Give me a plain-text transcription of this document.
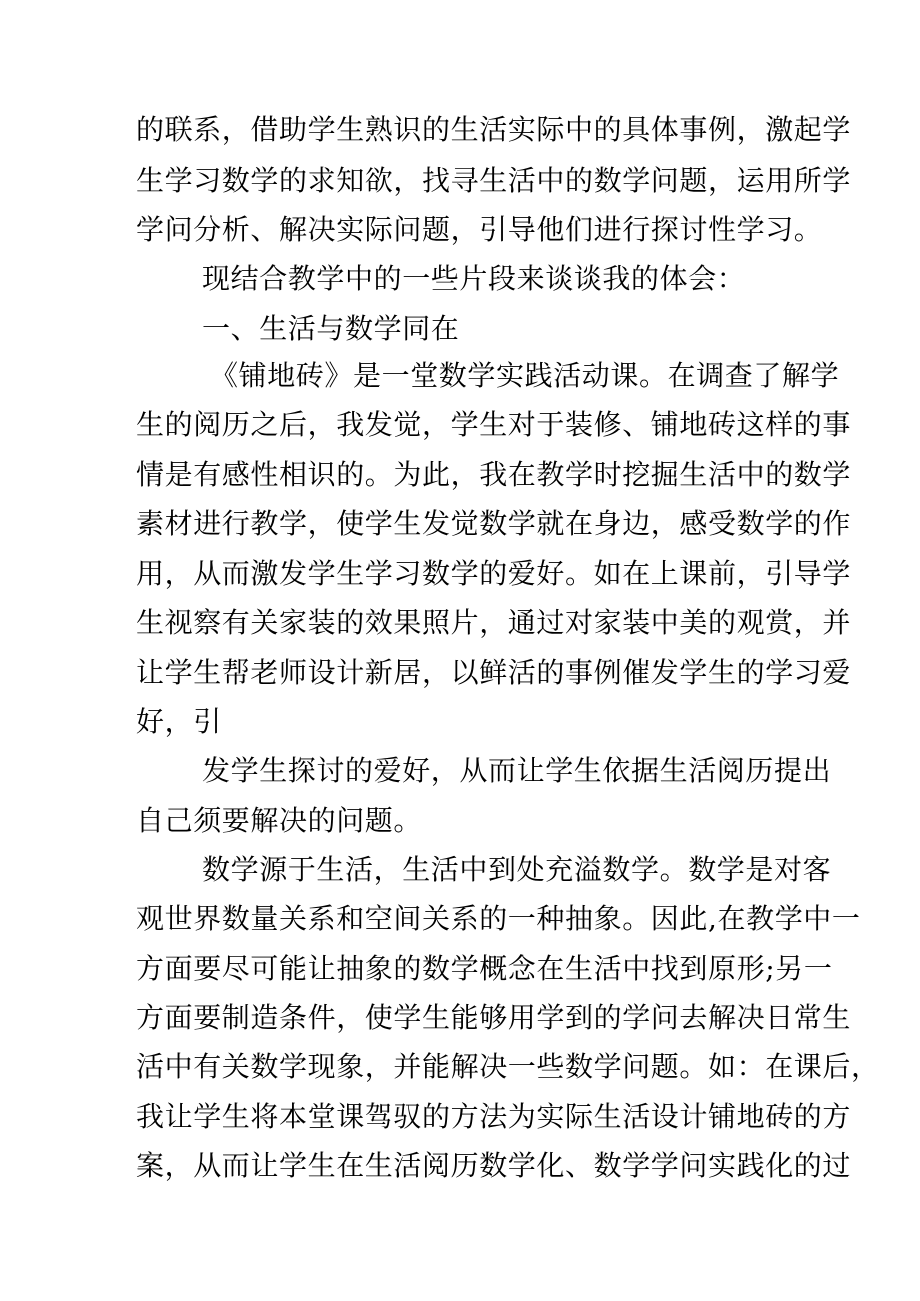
的联系，借助学生熟识的生活实际中的具体事例，激起学

生学习数学的求知欲，找寻生活中的数学问题，运用所学

学问分析、解决实际问题，引导他们进行探讨性学习。

现结合教学中的一些片段来谈谈我的体会：

一、生活与数学同在

《铺地砖》是一堂数学实践活动课。在调查了解学

生的阅历之后，我发觉，学生对于装修、铺地砖这样的事

情是有感性相识的。为此，我在教学时挖掘生活中的数学

素材进行教学，使学生发觉数学就在身边，感受数学的作

用，从而激发学生学习数学的爱好。如在上课前，引导学

生视察有关家装的效果照片，通过对家装中美的观赏，并

让学生帮老师设计新居，以鲜活的事例催发学生的学习爱

好，引

发学生探讨的爱好，从而让学生依据生活阅历提出

自己须要解决的问题。

数学源于生活，生活中到处充溢数学。数学是对客

观世界数量关系和空间关系的一种抽象。因此,在教学中一

方面要尽可能让抽象的数学概念在生活中找到原形;另一

方面要制造条件，使学生能够用学到的学问去解决日常生

活中有关数学现象，并能解决一些数学问题。如：在课后，

我让学生将本堂课驾驭的方法为实际生活设计铺地砖的方

案，从而让学生在生活阅历数学化、数学学问实践化的过
